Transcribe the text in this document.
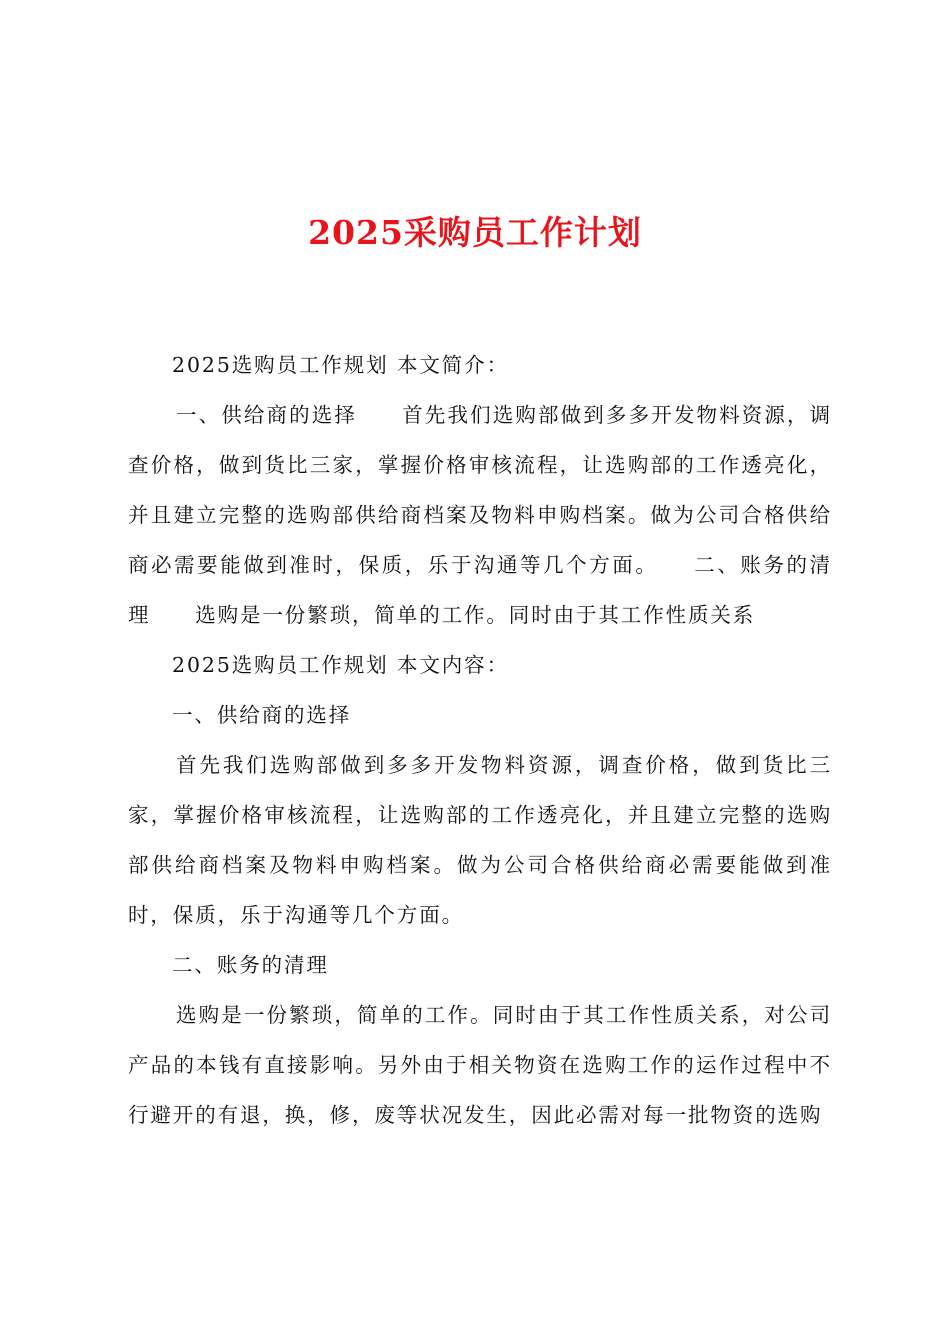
2025采购员工作计划

2025选购员工作规划 本文简介：

一、供给商的选择　　首先我们选购部做到多多开发物料资源，调查价格，做到货比三家，掌握价格审核流程，让选购部的工作透亮化，并且建立完整的选购部供给商档案及物料申购档案。做为公司合格供给商必需要能做到准时，保质，乐于沟通等几个方面。　　二、账务的清理　　选购是一份繁琐，简单的工作。同时由于其工作性质关系

2025选购员工作规划 本文内容：

一、供给商的选择

首先我们选购部做到多多开发物料资源，调查价格，做到货比三家，掌握价格审核流程，让选购部的工作透亮化，并且建立完整的选购部供给商档案及物料申购档案。做为公司合格供给商必需要能做到准时，保质，乐于沟通等几个方面。

二、账务的清理

选购是一份繁琐，简单的工作。同时由于其工作性质关系，对公司产品的本钱有直接影响。另外由于相关物资在选购工作的运作过程中不行避开的有退，换，修，废等状况发生，因此必需对每一批物资的选购
